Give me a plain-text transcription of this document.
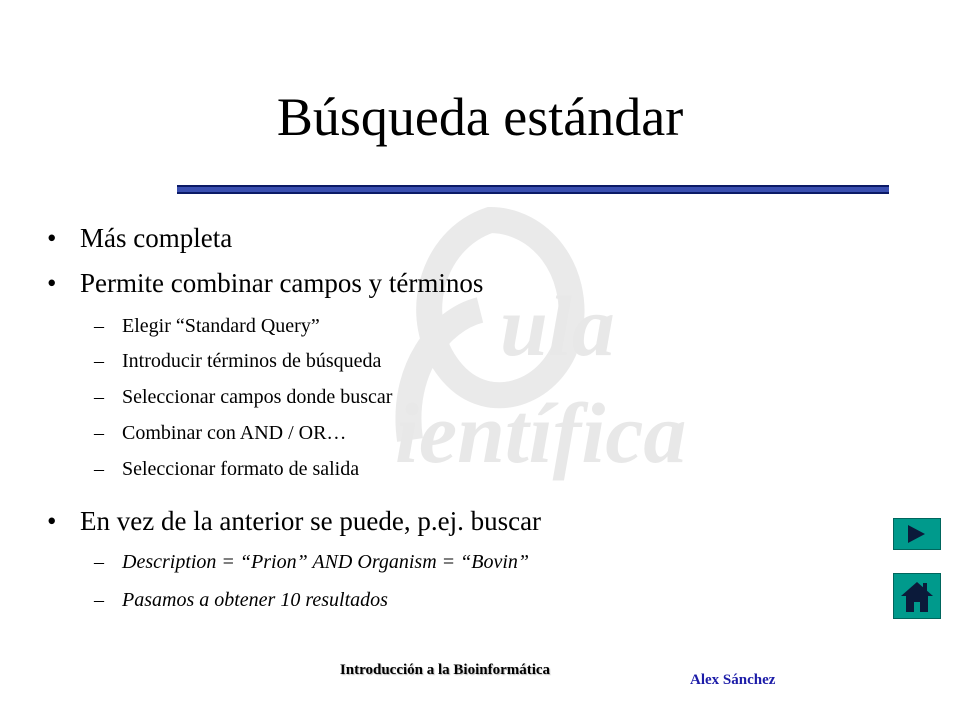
ula
ientífica
Búsqueda estándar
• Más completa
• Permite combinar campos y términos
– Elegir “Standard Query”
– Introducir términos de búsqueda
– Seleccionar campos donde buscar
– Combinar con AND / OR…
– Seleccionar formato de salida
• En vez de la anterior se puede, p.ej. buscar
– Description = “Prion” AND Organism = “Bovin”
– Pasamos a obtener 10 resultados
Introducción a la Bioinformática
Alex Sánchez
